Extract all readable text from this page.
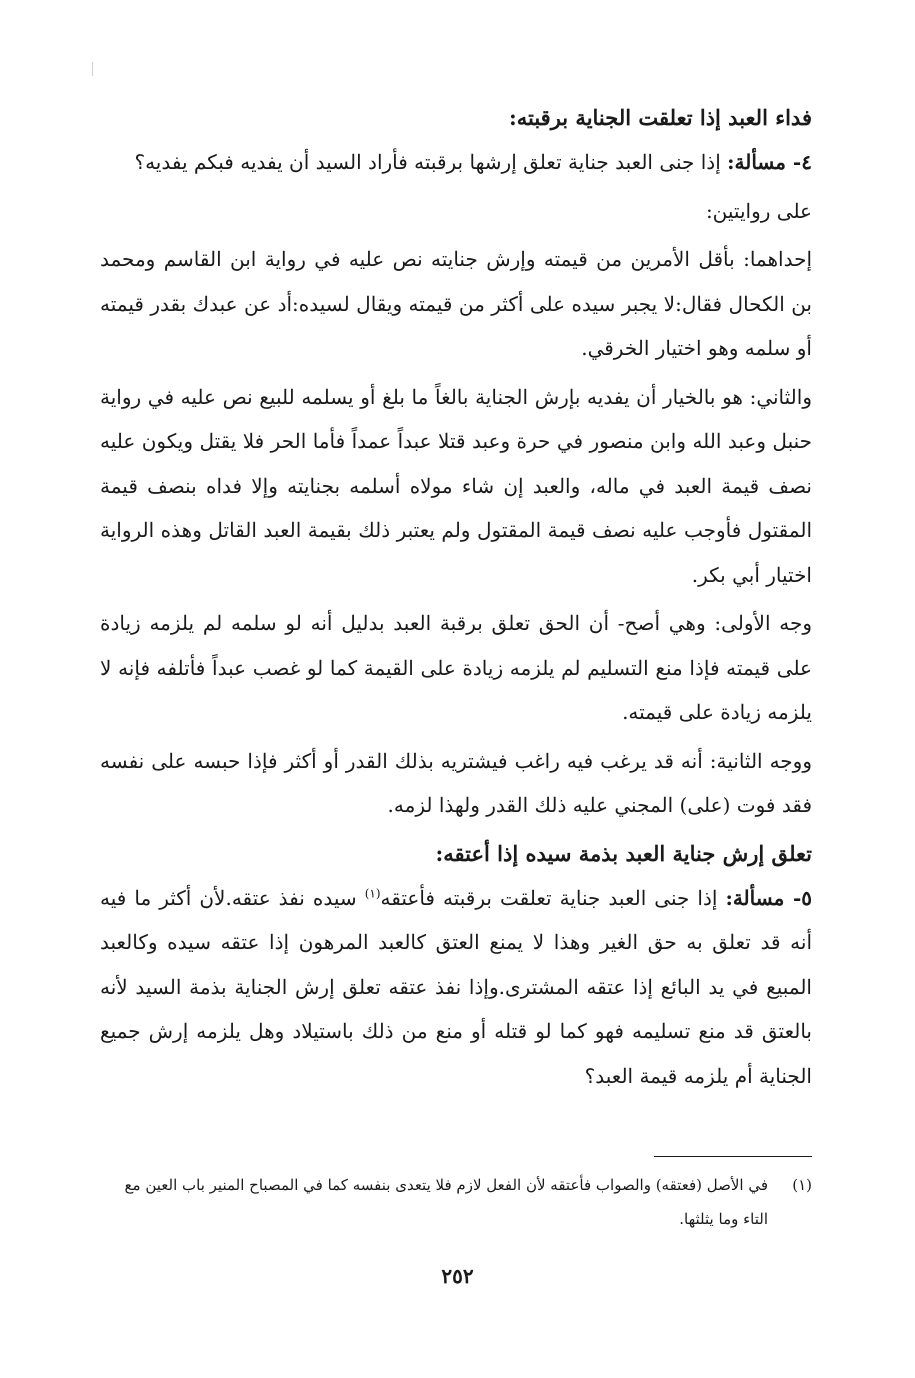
فداء العبد إذا تعلقت الجناية برقبته:

٤- مسألة: إذا جنى العبد جناية تعلق إرشها برقبته فأراد السيد أن يفديه فبكم يفديه؟

على روايتين:

إحداهما: بأقل الأمرين من قيمته وإرش جنايته نص عليه في رواية ابن القاسم ومحمد بن الكحال فقال:لا يجبر سيده على أكثر من قيمته ويقال لسيده:أد عن عبدك بقدر قيمته أو سلمه وهو اختيار الخرقي.

والثاني: هو بالخيار أن يفديه بإرش الجناية بالغاً ما بلغ أو يسلمه للبيع نص عليه في رواية حنبل وعبد الله وابن منصور في حرة وعبد قتلا عبداً عمداً فأما الحر فلا يقتل ويكون عليه نصف قيمة العبد في ماله، والعبد إن شاء مولاه أسلمه بجنايته وإلا فداه بنصف قيمة المقتول فأوجب عليه نصف قيمة المقتول ولم يعتبر ذلك بقيمة العبد القاتل وهذه الرواية اختيار أبي بكر.

وجه الأولى: وهي أصح- أن الحق تعلق برقبة العبد بدليل أنه لو سلمه لم يلزمه زيادة على قيمته فإذا منع التسليم لم يلزمه زيادة على القيمة كما لو غصب عبداً فأتلفه فإنه لا يلزمه زيادة على قيمته.

ووجه الثانية: أنه قد يرغب فيه راغب فيشتريه بذلك القدر أو أكثر فإذا حبسه على نفسه فقد فوت (على) المجني عليه ذلك القدر ولهذا لزمه.

تعلق إرش جناية العبد بذمة سيده إذا أعتقه:

٥- مسألة: إذا جنى العبد جناية تعلقت برقبته فأعتقه$^{(١)}$ سيده نفذ عتقه.لأن أكثر ما فيه أنه قد تعلق به حق الغير وهذا لا يمنع العتق كالعبد المرهون إذا عتقه سيده وكالعبد المبيع في يد البائع إذا عتقه المشترى.وإذا نفذ عتقه تعلق إرش الجناية بذمة السيد لأنه بالعتق قد منع تسليمه فهو كما لو قتله أو منع من ذلك باستيلاد وهل يلزمه إرش جميع الجناية أم يلزمه قيمة العبد؟

(١)
في الأصل (فعتقه) والصواب فأعتقه لأن الفعل لازم فلا يتعدى بنفسه كما في المصباح المنير باب العين مع التاء وما يثلثها.
٢٥٢
